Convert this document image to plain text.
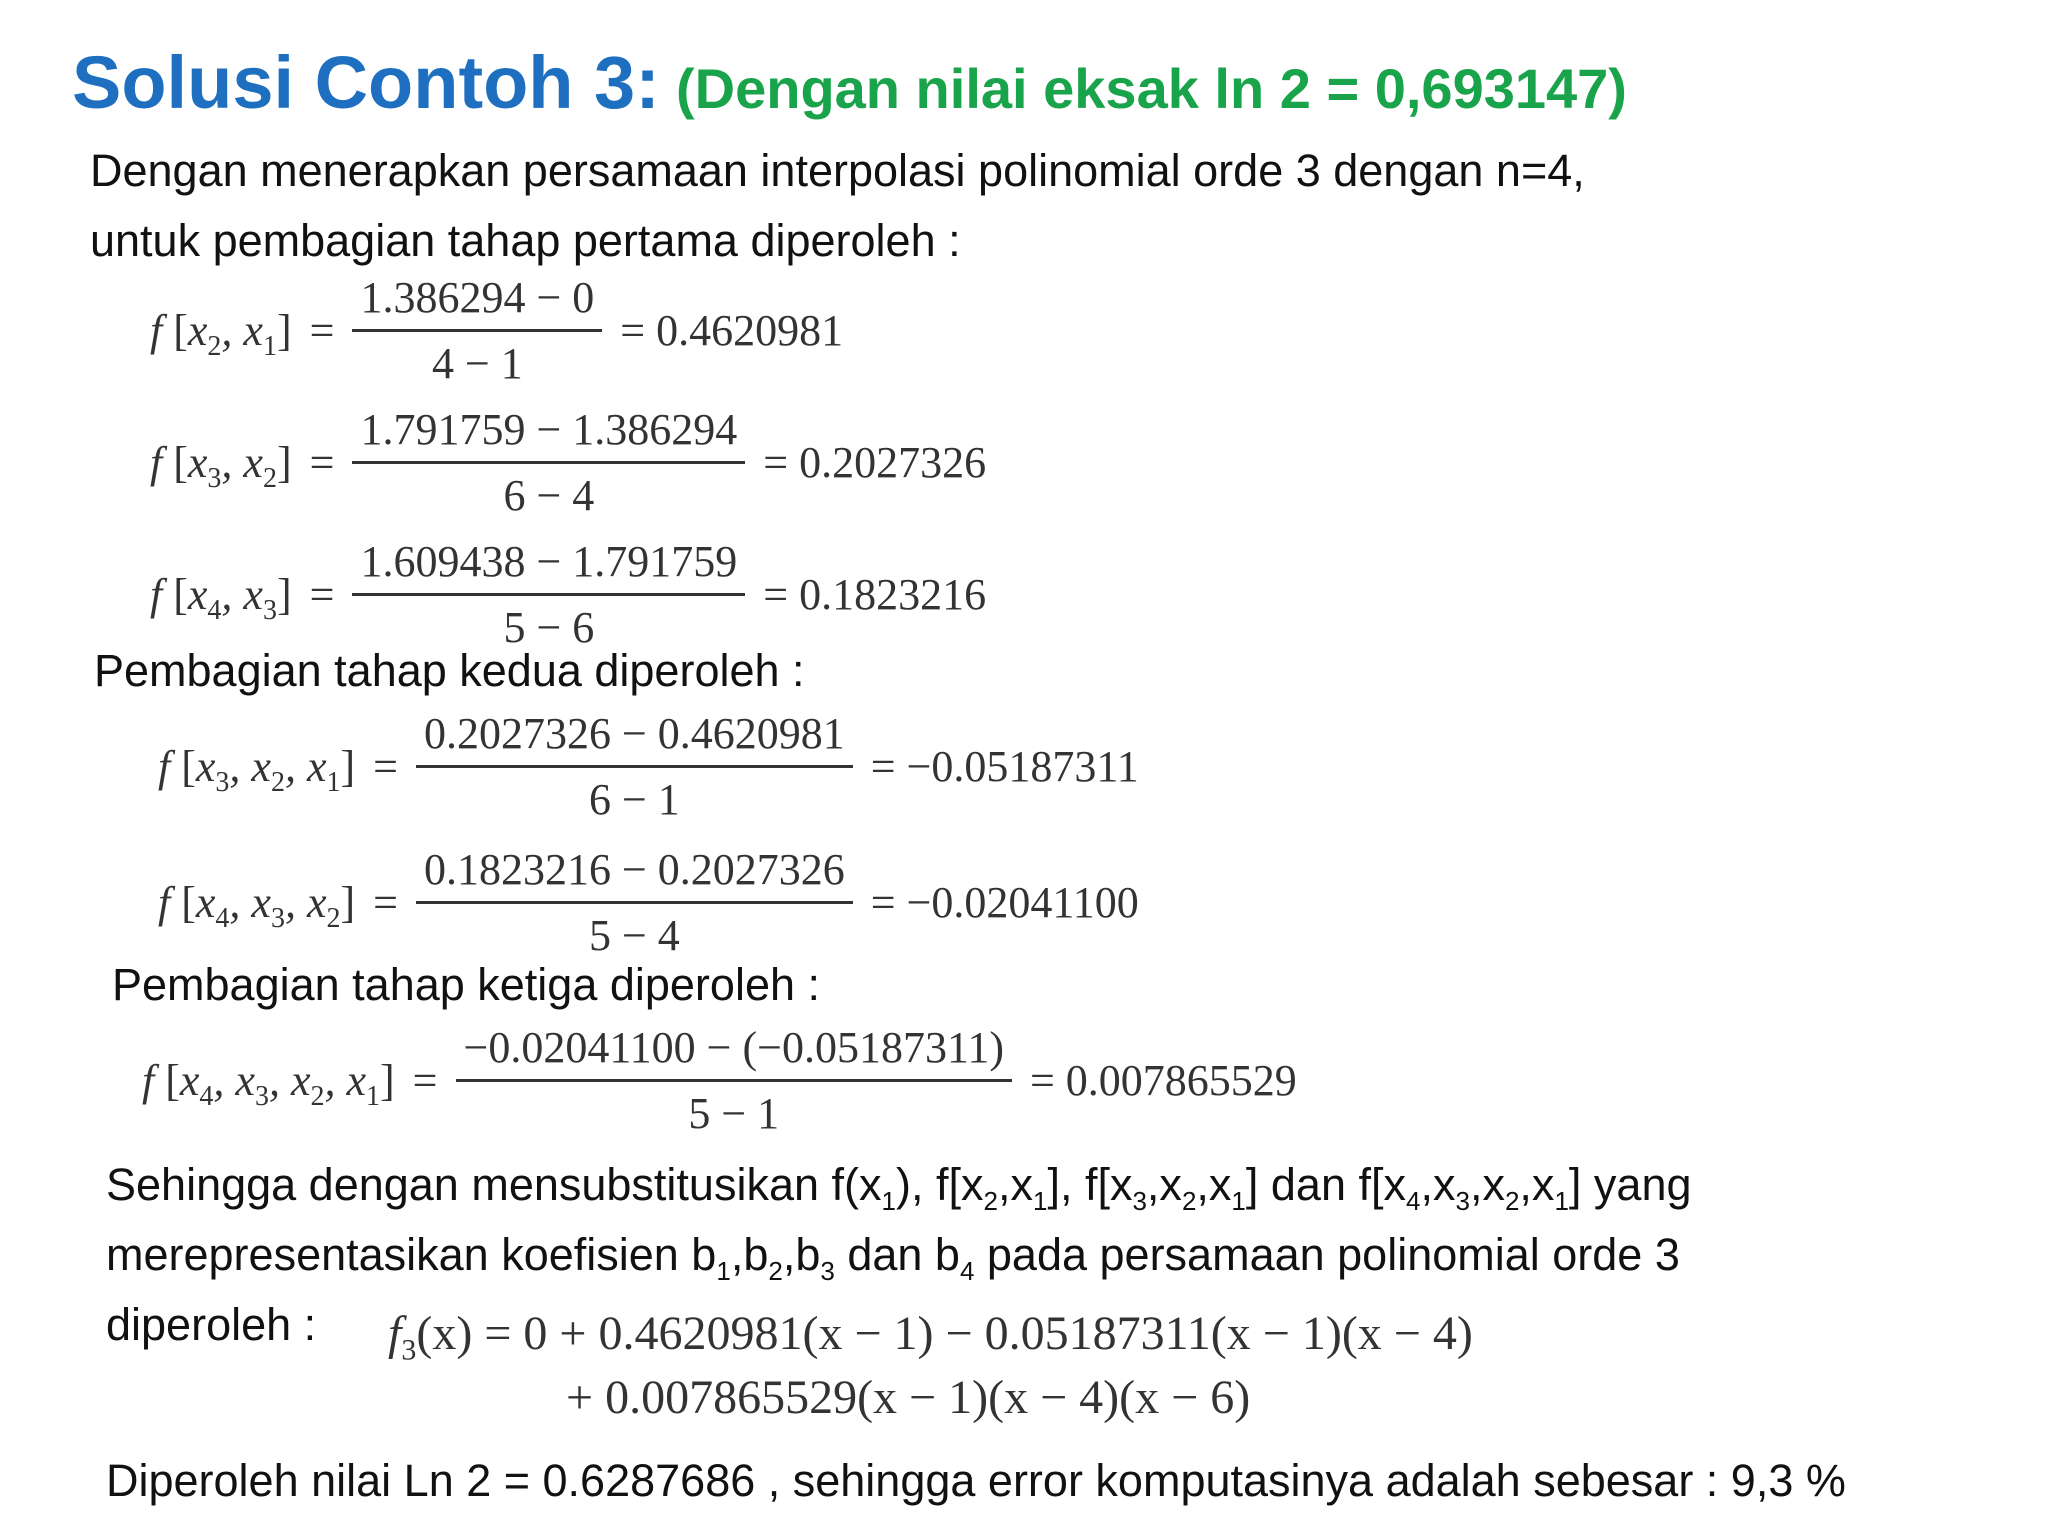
Solusi Contoh 3: (Dengan nilai eksak ln 2 = 0,693147)
Dengan menerapkan persamaan interpolasi polinomial orde 3 dengan n=4,
untuk pembagian tahap pertama diperoleh :
f [ $x_2$, $x_1$ ] = $\frac{1.386294 - 0}{4 - 1} = 0.4620981$
f [ $x_3$, $x_2$ ] = $\frac{1.791759 - 1.386294}{6 - 4} = 0.2027326$
f [ $x_4$, $x_3$ ] = $\frac{1.609438 - 1.791759}{5 - 6} = 0.1823216$
Pembagian tahap kedua diperoleh :
f [ $x_3$, $x_2$, $x_1$ ] = $\frac{0.2027326 - 0.4620981}{6 - 1} = -0.05187311$
f [ $x_4$, $x_3$, $x_2$ ] = $\frac{0.1823216 - 0.2027326}{5 - 4} = -0.02041100$
Pembagian tahap ketiga diperoleh :
f [ $x_4$, $x_3$, $x_2$, $x_1$ ] = $\frac{-0.02041100 - (-0.05187311)}{5 - 1} = 0.007865529$
Sehingga dengan mensubstitusikan $f(x_1)$, $f[x_2,x_1]$, $f[x_3,x_2,x_1]$ dan $f[x_4,x_3,x_2,x_1]$ yang
merepresentasikan koefisien $b_1,b_2,b_3$ dan $b_4$ pada persamaan polinomial orde 3
diperoleh : $f_3(x) = 0 + 0.4620981(x - 1) - 0.05187311(x - 1)(x - 4)$
+ 0.007865529(x − 1)(x − 4)(x − 6)
Diperoleh nilai Ln 2 = 0.6287686 , sehingga error komputasinya adalah sebesar : 9,3 %
